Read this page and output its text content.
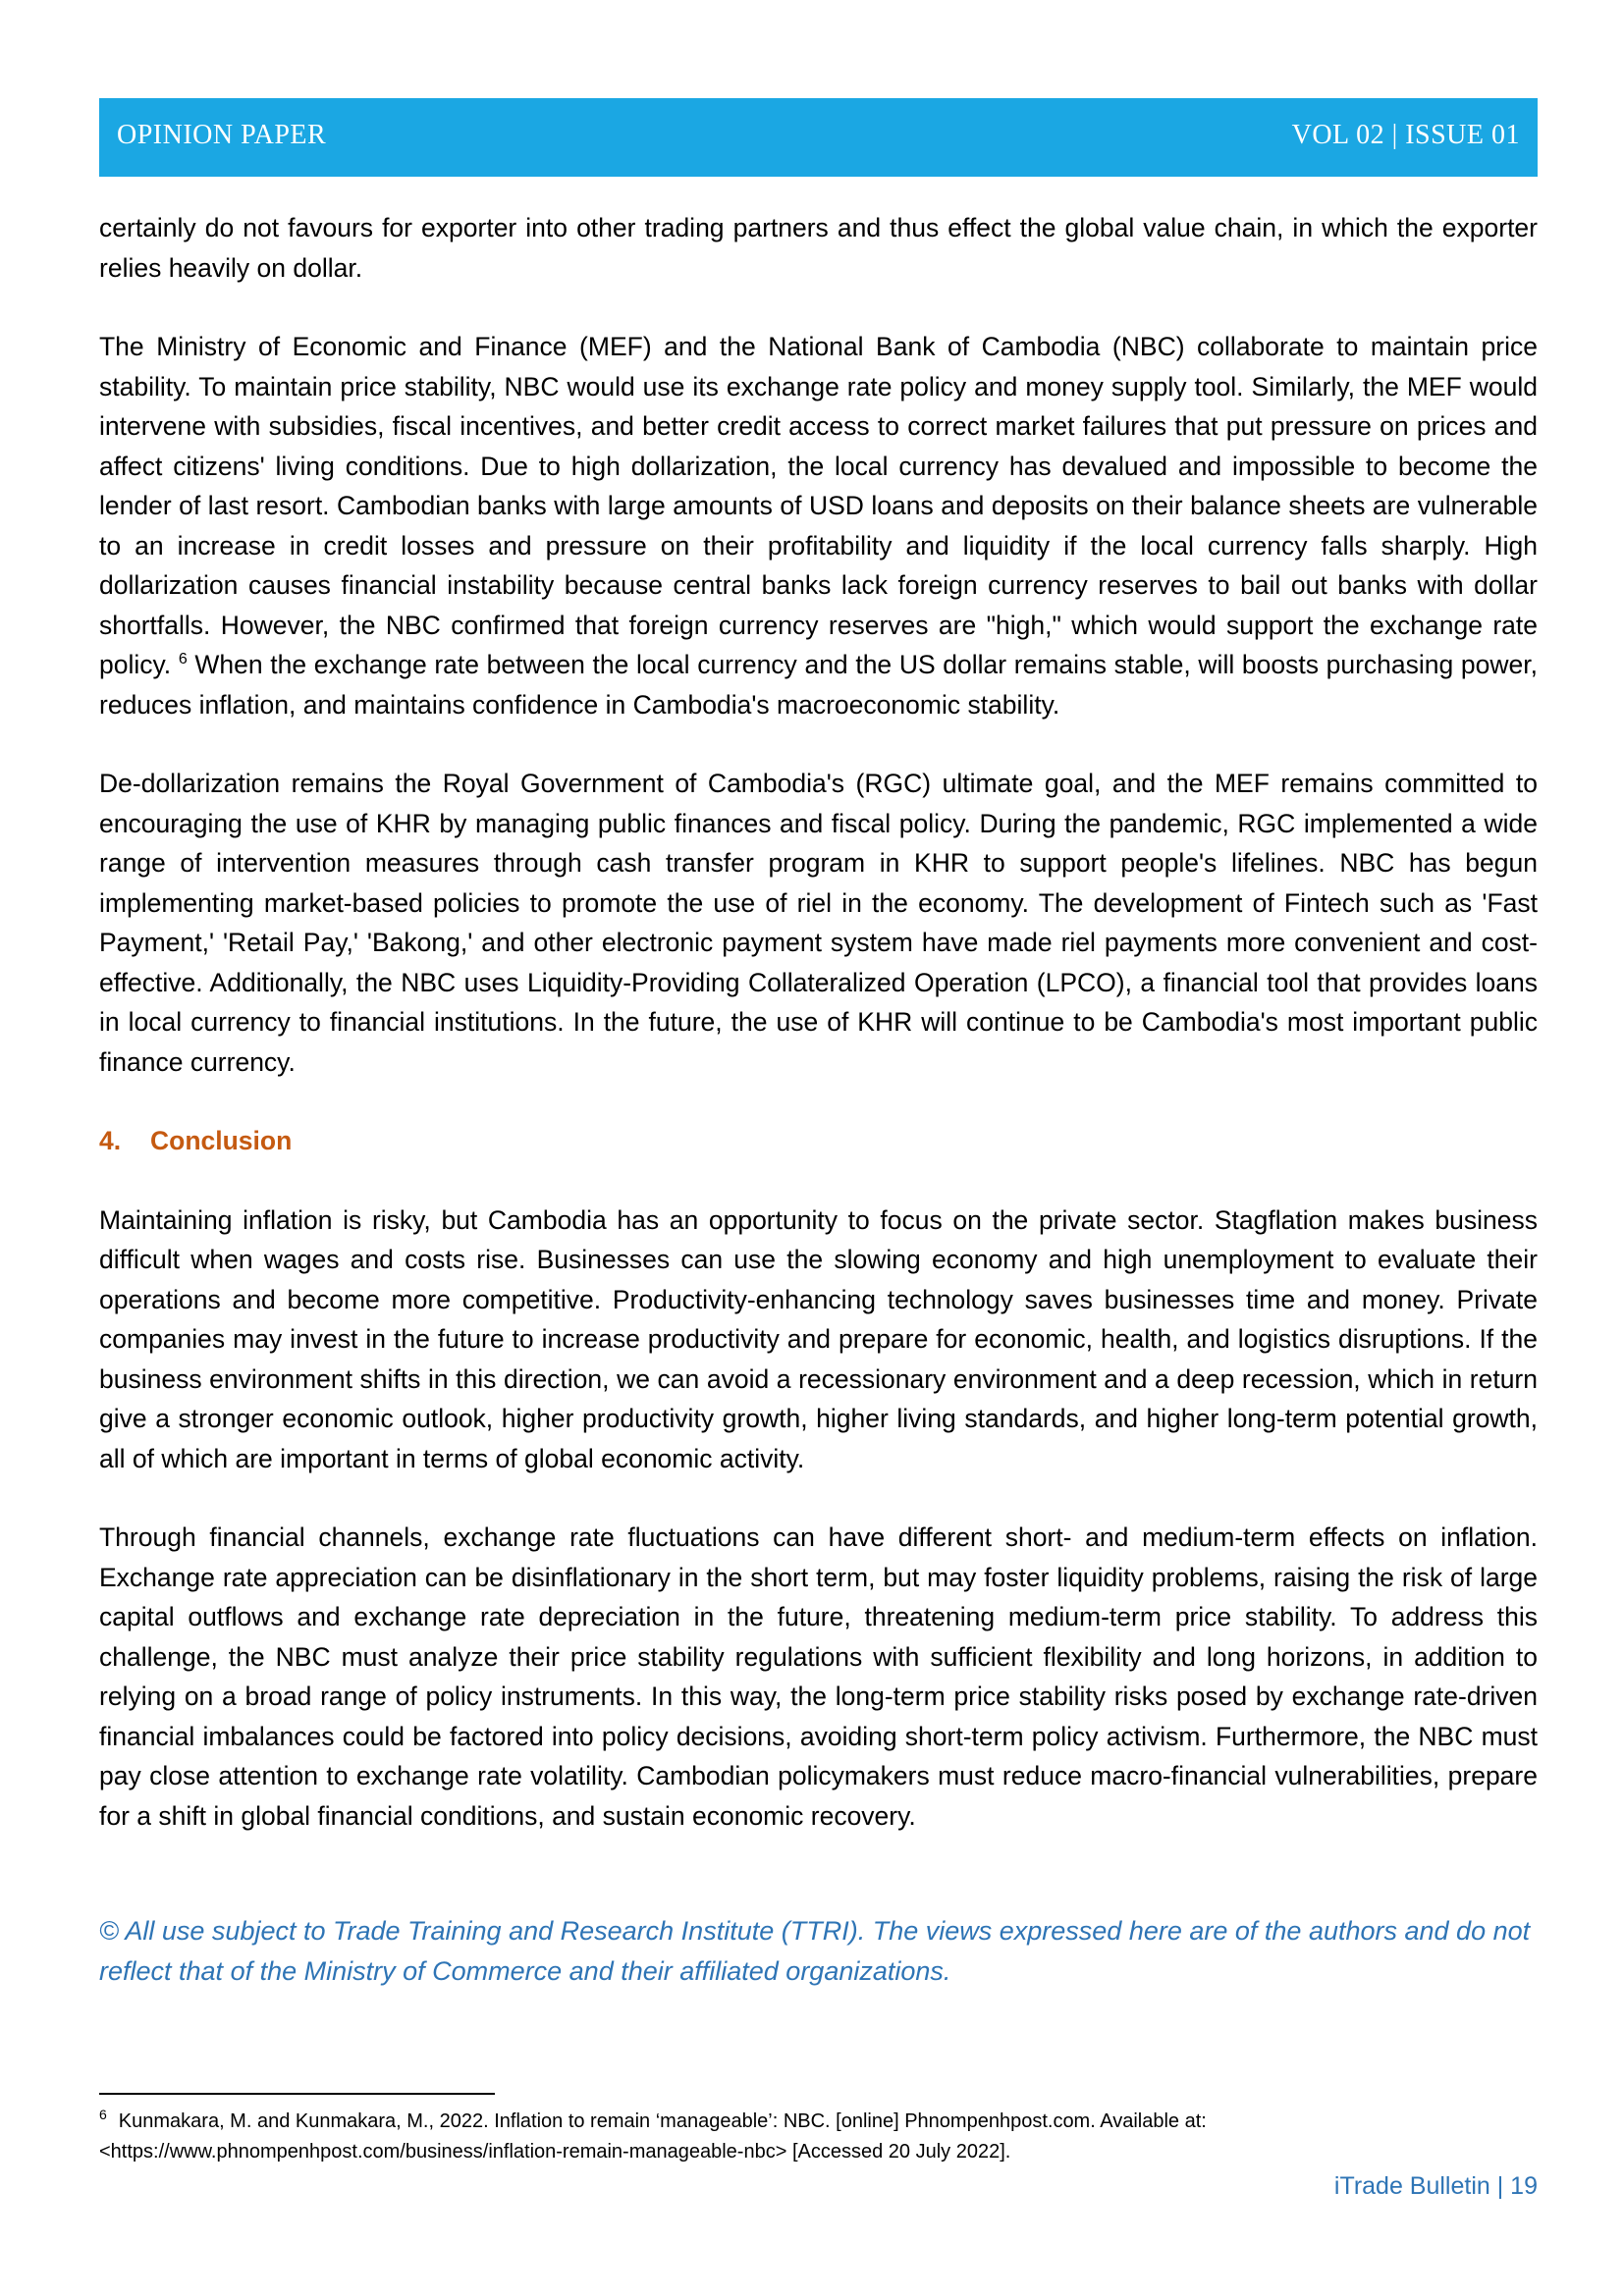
OPINION PAPER	VOL 02 | ISSUE 01

certainly do not favours for exporter into other trading partners and thus effect the global value chain, in which the exporter relies heavily on dollar.

The Ministry of Economic and Finance (MEF) and the National Bank of Cambodia (NBC) collaborate to maintain price stability. To maintain price stability, NBC would use its exchange rate policy and money supply tool. Similarly, the MEF would intervene with subsidies, fiscal incentives, and better credit access to correct market failures that put pressure on prices and affect citizens' living conditions. Due to high dollarization, the local currency has devalued and impossible to become the lender of last resort. Cambodian banks with large amounts of USD loans and deposits on their balance sheets are vulnerable to an increase in credit losses and pressure on their profitability and liquidity if the local currency falls sharply. High dollarization causes financial instability because central banks lack foreign currency reserves to bail out banks with dollar shortfalls. However, the NBC confirmed that foreign currency reserves are "high," which would support the exchange rate policy. $^6$ When the exchange rate between the local currency and the US dollar remains stable, will boosts purchasing power, reduces inflation, and maintains confidence in Cambodia's macroeconomic stability.

De-dollarization remains the Royal Government of Cambodia's (RGC) ultimate goal, and the MEF remains committed to encouraging the use of KHR by managing public finances and fiscal policy. During the pandemic, RGC implemented a wide range of intervention measures through cash transfer program in KHR to support people's lifelines. NBC has begun implementing market-based policies to promote the use of riel in the economy. The development of Fintech such as 'Fast Payment,' 'Retail Pay,' 'Bakong,' and other electronic payment system have made riel payments more convenient and cost-effective. Additionally, the NBC uses Liquidity-Providing Collateralized Operation (LPCO), a financial tool that provides loans in local currency to financial institutions. In the future, the use of KHR will continue to be Cambodia's most important public finance currency.

4. Conclusion

Maintaining inflation is risky, but Cambodia has an opportunity to focus on the private sector. Stagflation makes business difficult when wages and costs rise. Businesses can use the slowing economy and high unemployment to evaluate their operations and become more competitive. Productivity-enhancing technology saves businesses time and money. Private companies may invest in the future to increase productivity and prepare for economic, health, and logistics disruptions. If the business environment shifts in this direction, we can avoid a recessionary environment and a deep recession, which in return give a stronger economic outlook, higher productivity growth, higher living standards, and higher long-term potential growth, all of which are important in terms of global economic activity.

Through financial channels, exchange rate fluctuations can have different short- and medium-term effects on inflation. Exchange rate appreciation can be disinflationary in the short term, but may foster liquidity problems, raising the risk of large capital outflows and exchange rate depreciation in the future, threatening medium-term price stability. To address this challenge, the NBC must analyze their price stability regulations with sufficient flexibility and long horizons, in addition to relying on a broad range of policy instruments. In this way, the long-term price stability risks posed by exchange rate-driven financial imbalances could be factored into policy decisions, avoiding short-term policy activism. Furthermore, the NBC must pay close attention to exchange rate volatility. Cambodian policymakers must reduce macro-financial vulnerabilities, prepare for a shift in global financial conditions, and sustain economic recovery.

© All use subject to Trade Training and Research Institute (TTRI). The views expressed here are of the authors and do not reflect that of the Ministry of Commerce and their affiliated organizations.

$^6$ Kunmakara, M. and Kunmakara, M., 2022. Inflation to remain ‘manageable’: NBC. [online] Phnompenhpost.com. Available at: <https://www.phnompenhpost.com/business/inflation-remain-manageable-nbc> [Accessed 20 July 2022].
iTrade Bulletin | 19
